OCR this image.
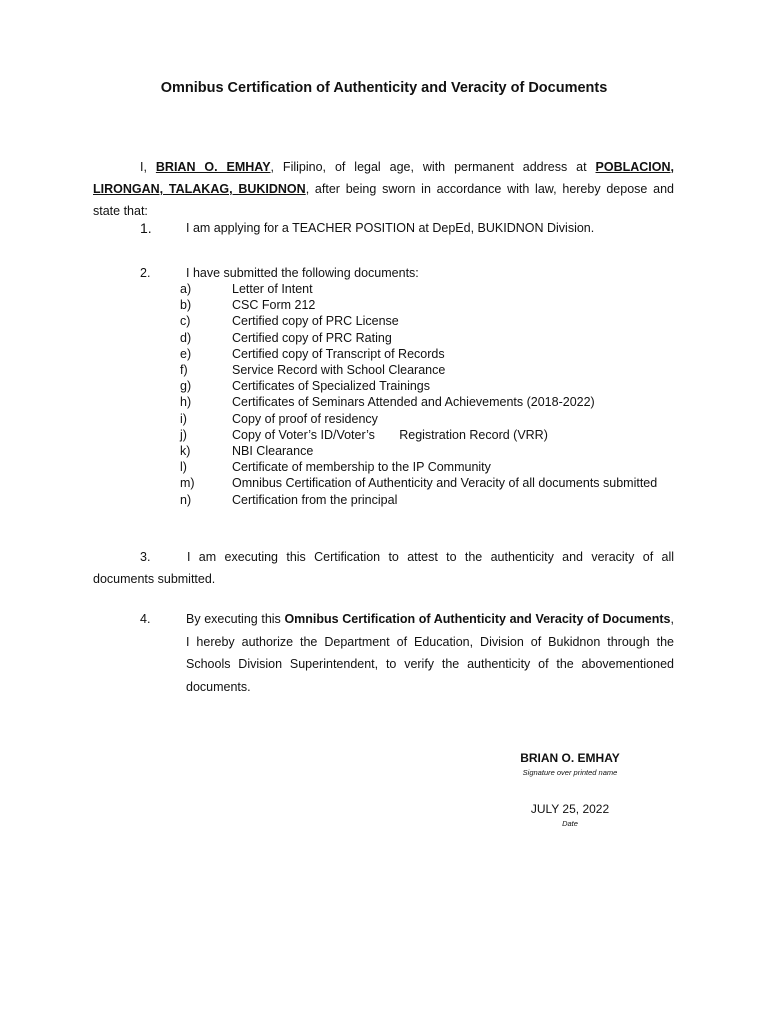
Omnibus Certification of Authenticity and Veracity of Documents
I, BRIAN O. EMHAY, Filipino, of legal age, with permanent address at POBLACION, LIRONGAN, TALAKAG, BUKIDNON, after being sworn in accordance with law, hereby depose and state that:
1.	I am applying for a TEACHER POSITION at DepEd, BUKIDNON Division.
2.	I have submitted the following documents:
a)	Letter of Intent
b)	CSC Form 212
c)	Certified copy of PRC License
d)	Certified copy of PRC Rating
e)	Certified copy of Transcript of Records
f)	Service Record with School Clearance
g)	Certificates of Specialized Trainings
h)	Certificates of Seminars Attended and Achievements (2018-2022)
i)	Copy of proof of residency
j)	Copy of Voter’s ID/Voter’s       Registration Record (VRR)
k)	NBI Clearance
l)	Certificate of membership to the IP Community
m)	Omnibus Certification of Authenticity and Veracity of all documents submitted
n)	Certification from the principal
3.	I am executing this Certification to attest to the authenticity and veracity of all documents submitted.
4.	By executing this Omnibus Certification of Authenticity and Veracity of Documents, I hereby authorize the Department of Education, Division of Bukidnon through the Schools Division Superintendent, to verify the authenticity of the abovementioned documents.
BRIAN O. EMHAY
Signature over printed name
JULY 25, 2022
Date
